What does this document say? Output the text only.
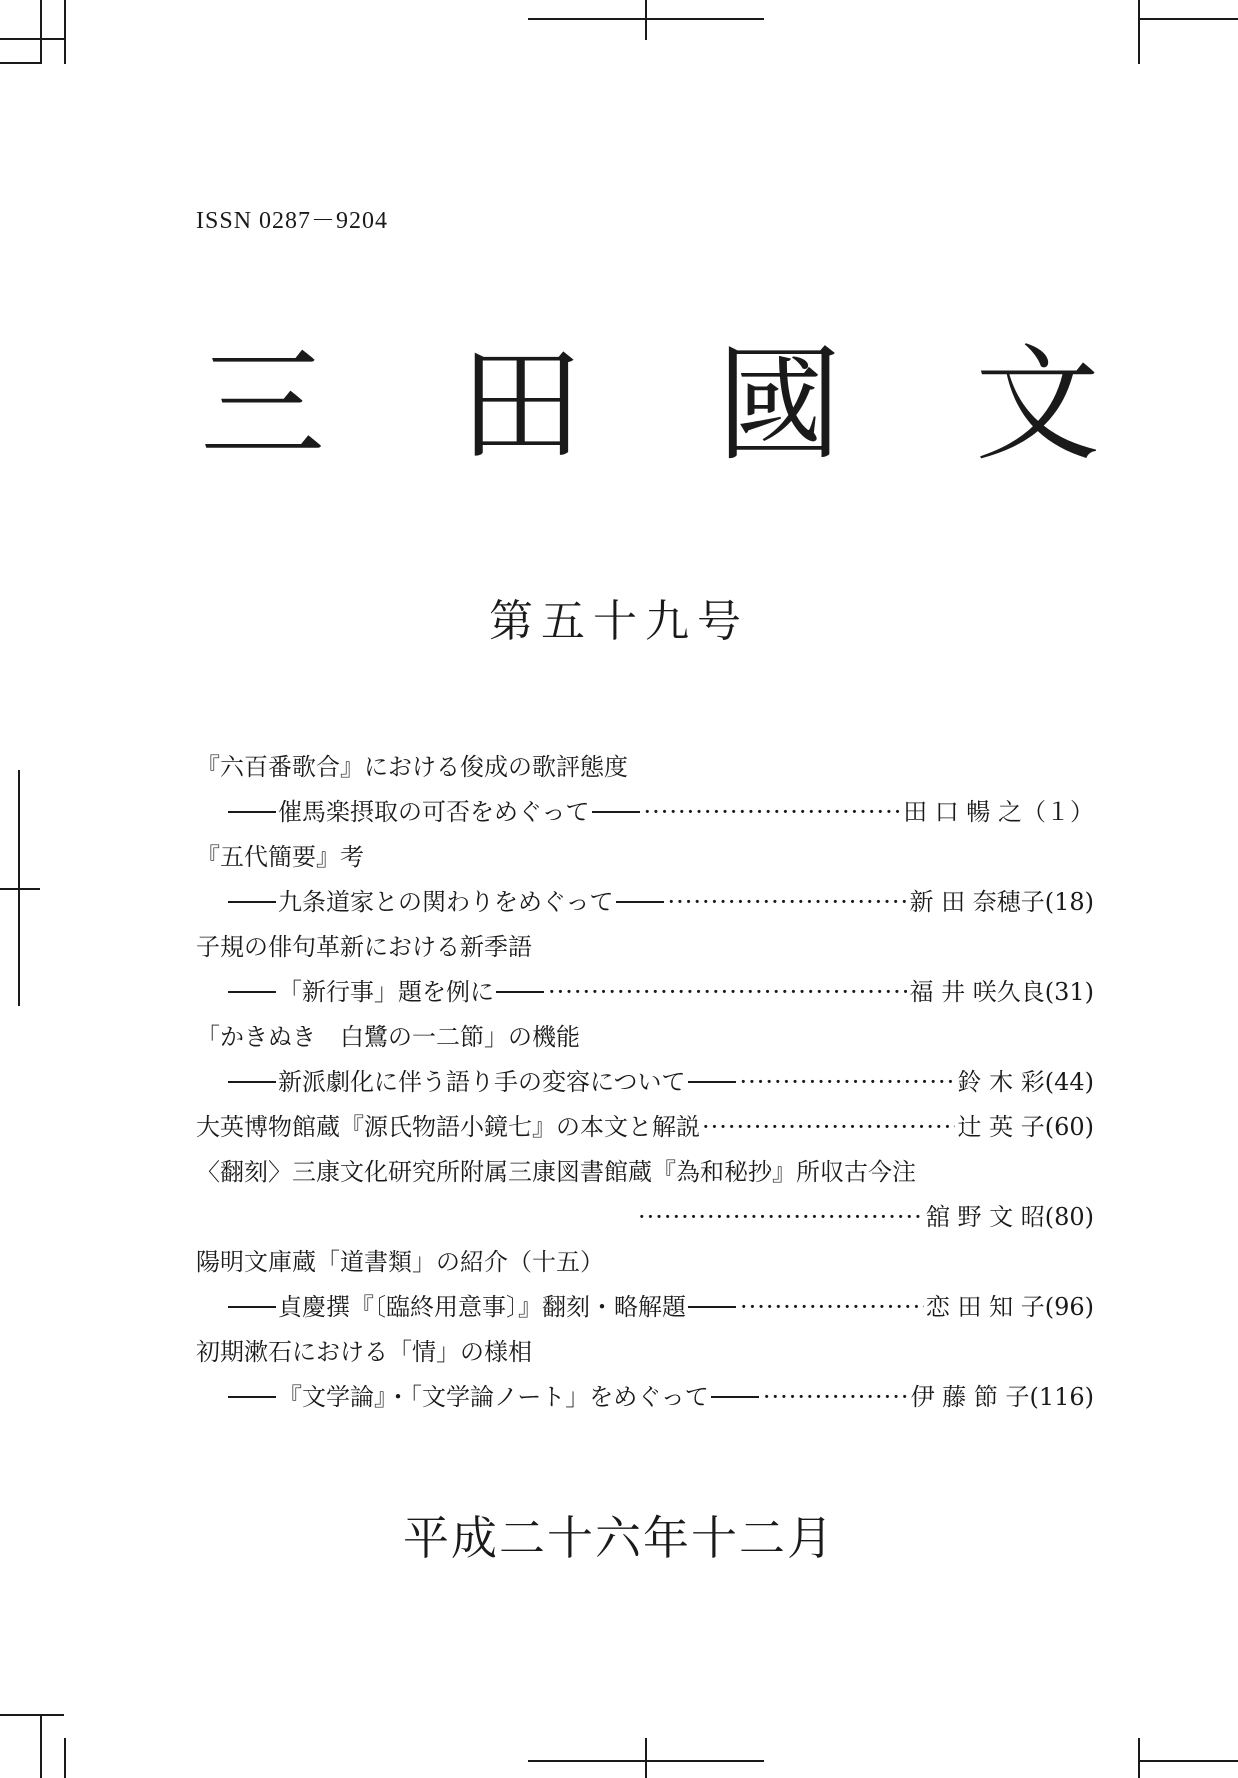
ISSN 0287－9204
三 田 國 文
第五十九号
『六百番歌合』における俊成の歌評態度
催馬楽摂取の可否をめぐって ·····	田 口 暢 之 （１）
『五代簡要』考
九条道家との関わりをめぐって ·····	新 田 奈穂子 (18)
子規の俳句革新における新季語
「新行事」題を例に ·····	福 井 咲久良 (31)
「かきぬき　白鷺の一二節」の機能
新派劇化に伴う語り手の変容について ·····	鈴 木 彩 (44)
大英博物館蔵『源氏物語小鏡七』の本文と解説 ·····	辻 英 子 (60)
〈翻刻〉三康文化研究所附属三康図書館蔵『為和秘抄』所収古今注
·····
舘 野 文 昭 (80)
陽明文庫蔵「道書類」の紹介（十五）
貞慶撰『〔臨終用意事〕』翻刻・略解題 ·····	恋 田 知 子 (96)
初期漱石における「情」の様相
『文学論』・「文学論ノート」をめぐって ·····	伊 藤 節 子 (116)
平成二十六年十二月
